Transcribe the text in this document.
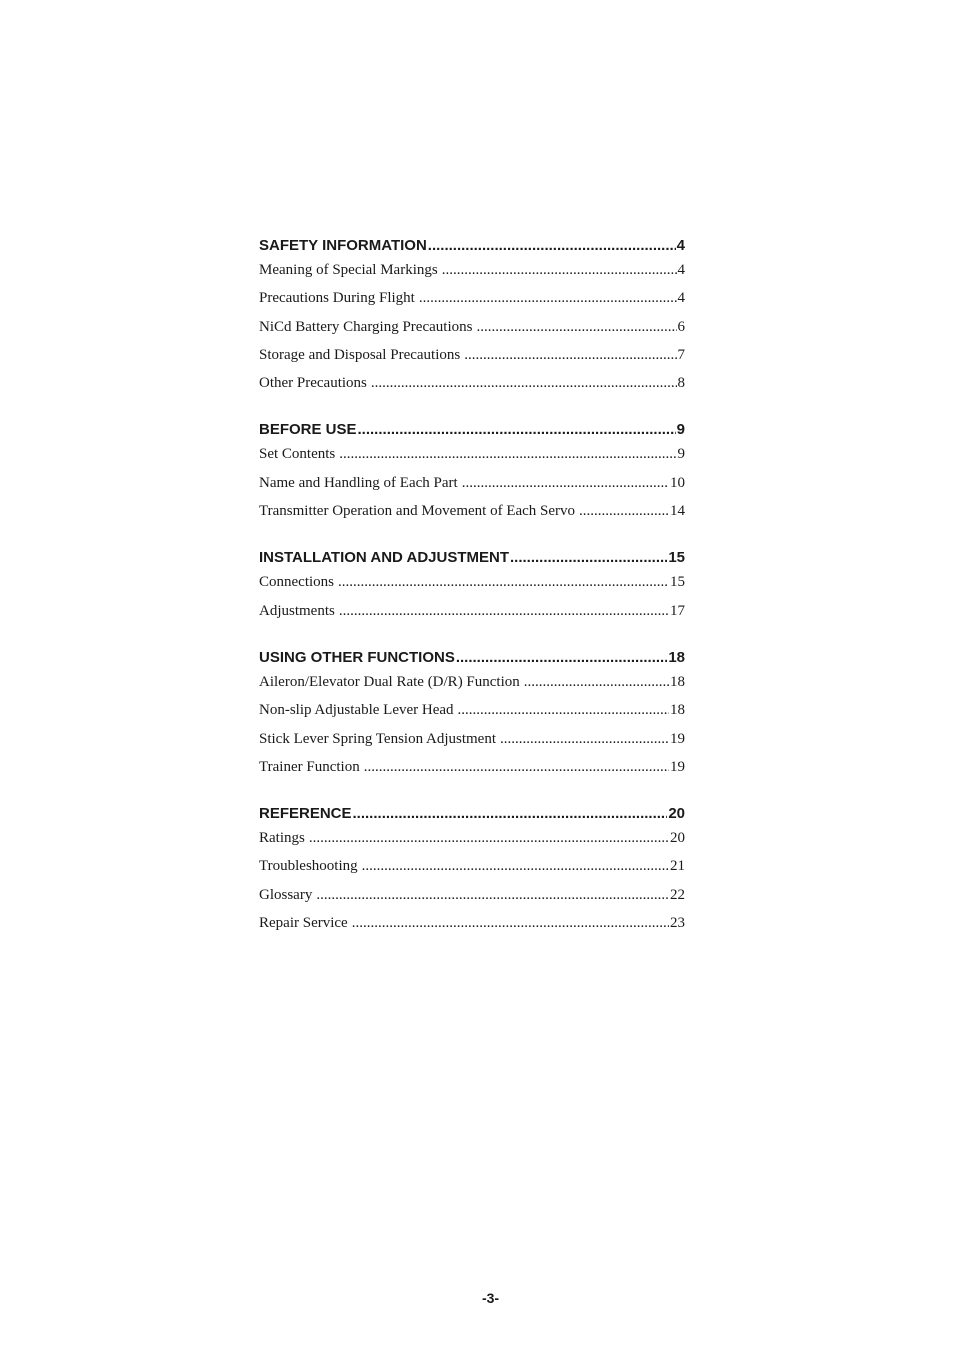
SAFETY INFORMATION .....	4
Meaning of Special Markings .....	4
Precautions During Flight .....	4
NiCd Battery Charging Precautions .....	6
Storage and Disposal Precautions .....	7
Other Precautions .....	8
BEFORE USE .....	9
Set Contents .....	9
Name and Handling of Each Part .....	10
Transmitter Operation and Movement of Each Servo .....	14
INSTALLATION AND ADJUSTMENT .....	15
Connections .....	15
Adjustments .....	17
USING OTHER FUNCTIONS .....	18
Aileron/Elevator Dual Rate (D/R) Function .....	18
Non-slip Adjustable Lever Head .....	18
Stick Lever Spring Tension Adjustment .....	19
Trainer Function .....	19
REFERENCE .....	20
Ratings .....	20
Troubleshooting .....	21
Glossary .....	22
Repair Service .....	23
-3-
